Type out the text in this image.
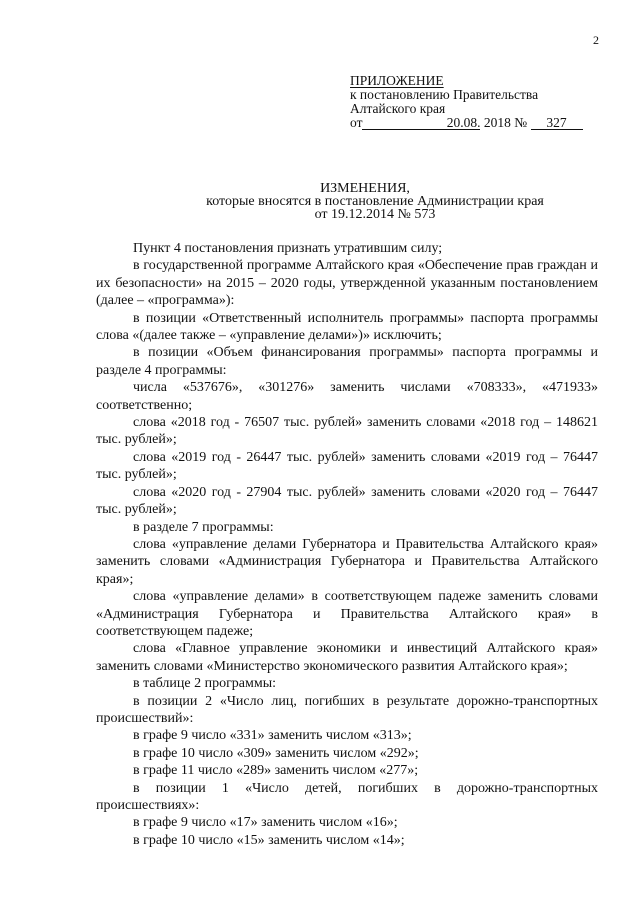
2
ПРИЛОЖЕНИЕ
к постановлению Правительства
Алтайского края
от	20.08. 2018 № 327
ИЗМЕНЕНИЯ,
которые вносятся в постановление Администрации края
от 19.12.2014 № 573

Пункт 4 постановления признать утратившим силу;

в государственной программе Алтайского края «Обеспечение прав граждан и их безопасности» на 2015 – 2020 годы, утвержденной указанным постановлением (далее – «программа»):

в позиции «Ответственный исполнитель программы» паспорта программы слова «(далее также – «управление делами»)» исключить;

в позиции «Объем финансирования программы» паспорта программы и разделе 4 программы:

числа «537676», «301276» заменить числами «708333», «471933» соответственно;

слова «2018 год - 76507 тыс. рублей» заменить словами «2018 год – 148621 тыс. рублей»;

слова «2019 год - 26447 тыс. рублей» заменить словами «2019 год – 76447 тыс. рублей»;

слова «2020 год - 27904 тыс. рублей» заменить словами «2020 год – 76447 тыс. рублей»;

в разделе 7 программы:

слова «управление делами Губернатора и Правительства Алтайского края» заменить словами «Администрация Губернатора и Правительства Алтайского края»;

слова «управление делами» в соответствующем падеже заменить словами «Администрация Губернатора и Правительства Алтайского края» в соответствующем падеже;

слова «Главное управление экономики и инвестиций Алтайского края» заменить словами «Министерство экономического развития Алтайского края»;

в таблице 2 программы:

в позиции 2 «Число лиц, погибших в результате дорожно-транспортных происшествий»:

в графе 9 число «331» заменить числом «313»;

в графе 10 число «309» заменить числом «292»;

в графе 11 число «289» заменить числом «277»;

в позиции 1 «Число детей, погибших в дорожно-транспортных происшествиях»:

в графе 9 число «17» заменить числом «16»;

в графе 10 число «15» заменить числом «14»;
